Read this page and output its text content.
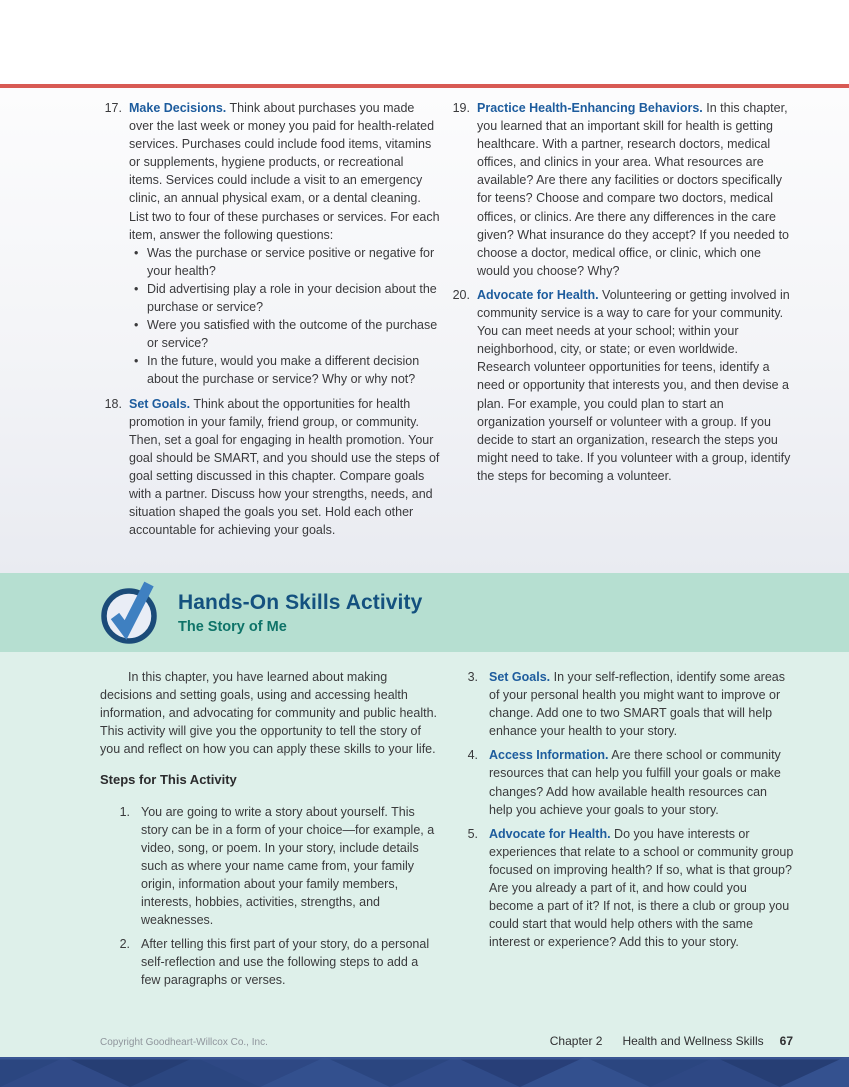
17. Make Decisions. Think about purchases you made over the last week or money you paid for health-related services. Purchases could include food items, vitamins or supplements, hygiene products, or recreational items. Services could include a visit to an emergency clinic, an annual physical exam, or a dental cleaning. List two to four of these purchases or services. For each item, answer the following questions:

• Was the purchase or service positive or negative for your health?
• Did advertising play a role in your decision about the purchase or service?
• Were you satisfied with the outcome of the purchase or service?
• In the future, would you make a different decision about the purchase or service? Why or why not?
18. Set Goals. Think about the opportunities for health promotion in your family, friend group, or community. Then, set a goal for engaging in health promotion. Your goal should be SMART, and you should use the steps of goal setting discussed in this chapter. Compare goals with a partner. Discuss how your strengths, needs, and situation shaped the goals you set. Hold each other accountable for achieving your goals.

19. Practice Health-Enhancing Behaviors. In this chapter, you learned that an important skill for health is getting healthcare. With a partner, research doctors, medical offices, and clinics in your area. What resources are available? Are there any facilities or doctors specifically for teens? Choose and compare two doctors, medical offices, or clinics. Are there any differences in the care given? What insurance do they accept? If you needed to choose a doctor, medical office, or clinic, which one would you choose? Why?

20. Advocate for Health. Volunteering or getting involved in community service is a way to care for your community. You can meet needs at your school; within your neighborhood, city, or state; or even worldwide. Research volunteer opportunities for teens, identify a need or opportunity that interests you, and then devise a plan. For example, you could plan to start an organization yourself or volunteer with a group. If you decide to start an organization, research the steps you might need to take. If you volunteer with a group, identify the steps for becoming a volunteer.

Hands-On Skills Activity
The Story of Me

In this chapter, you have learned about making decisions and setting goals, using and accessing health information, and advocating for community and public health. This activity will give you the opportunity to tell the story of you and reflect on how you can apply these skills to your life.

Steps for This Activity
1. You are going to write a story about yourself. This story can be in a form of your choice—for example, a video, song, or poem. In your story, include details such as where your name came from, your family origin, information about your family members, interests, hobbies, activities, strengths, and weaknesses.

2. After telling this first part of your story, do a personal self-reflection and use the following steps to add a few paragraphs or verses.

3. Set Goals. In your self-reflection, identify some areas of your personal health you might want to improve or change. Add one to two SMART goals that will help enhance your health to your story.

4. Access Information. Are there school or community resources that can help you fulfill your goals or make changes? Add how available health resources can help you achieve your goals to your story.

5. Advocate for Health. Do you have interests or experiences that relate to a school or community group focused on improving health? If so, what is that group? Are you already a part of it, and how could you become a part of it? If not, is there a club or group you could start that would help others with the same interest or experience? Add this to your story.

Copyright Goodheart-Willcox Co., Inc.	Chapter 2 Health and Wellness Skills 67
